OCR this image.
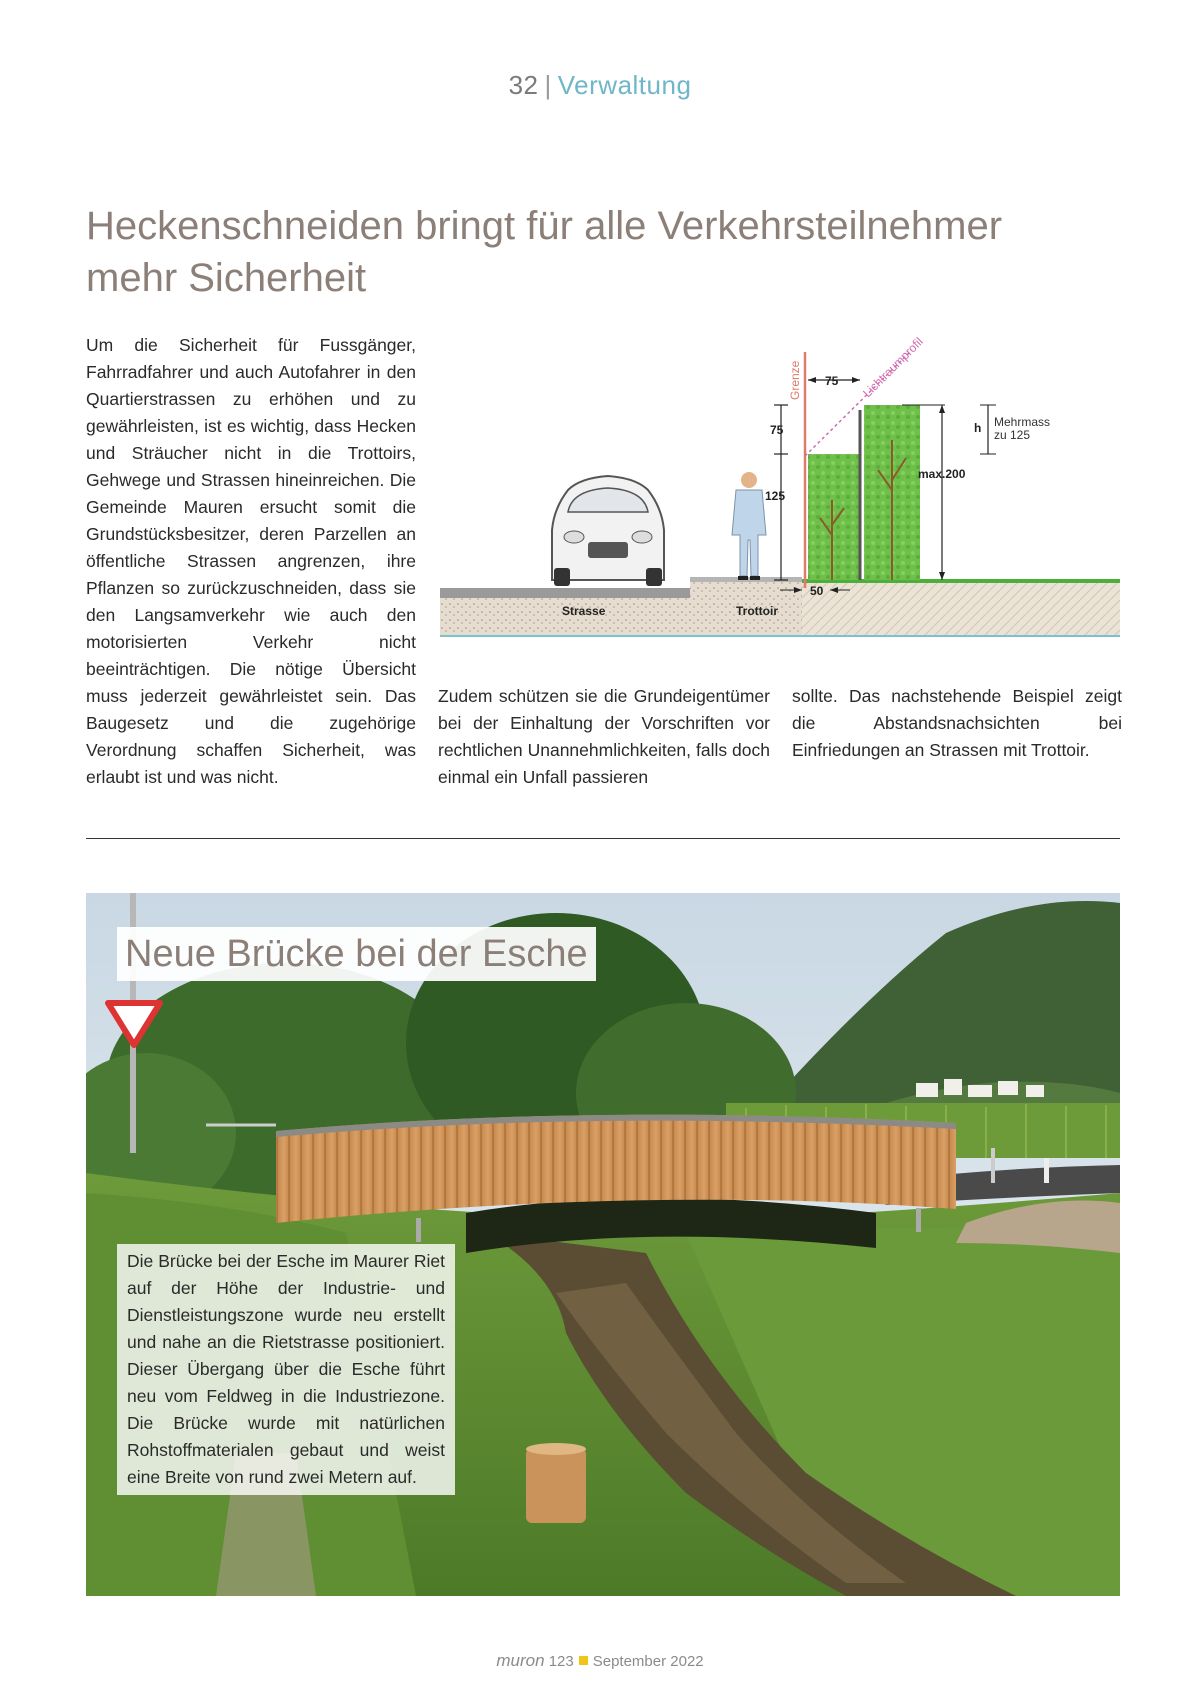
32 | Verwaltung
Heckenschneiden bringt für alle Verkehrsteilnehmer
mehr Sicherheit

Um die Sicherheit für Fussgänger, Fahrradfahrer und auch Autofahrer in den Quartierstrassen zu erhöhen und zu gewährleisten, ist es wichtig, dass Hecken und Sträucher nicht in die Trottoirs, Gehwege und Strassen hineinreichen. Die Gemeinde Mauren ersucht somit die Grundstücksbesitzer, deren Parzellen an öffentliche Strassen angrenzen, ihre Pflanzen so zurückzuschneiden, dass sie den Langsamverkehr wie auch den motorisierten Verkehr nicht beeinträchtigen. Die nötige Übersicht muss jederzeit gewährleistet sein. Das Baugesetz und die zugehörige Verordnung schaffen Sicherheit, was erlaubt ist und was nicht.

Grenze	Lichtraumprofil
75
75
125
h Mehrmass
zu 125
max.200
Strasse	Trottoir
50

Zudem schützen sie die Grundeigentümer bei der Einhaltung der Vorschriften vor rechtlichen Unannehmlichkeiten, falls doch einmal ein Unfall passieren

sollte. Das nachstehende Beispiel zeigt die Abstandsnachsichten bei Einfriedungen an Strassen mit Trottoir.

Neue Brücke bei der Esche
Die Brücke bei der Esche im Maurer Riet auf der Höhe der Industrie- und Dienstleistungszone wurde neu erstellt und nahe an die Rietstrasse positioniert. Dieser Übergang über die Esche führt neu vom Feldweg in die Industriezone. Die Brücke wurde mit natürlichen Rohstoffmaterialen gebaut und weist eine Breite von rund zwei Metern auf.
muron 123 September 2022
